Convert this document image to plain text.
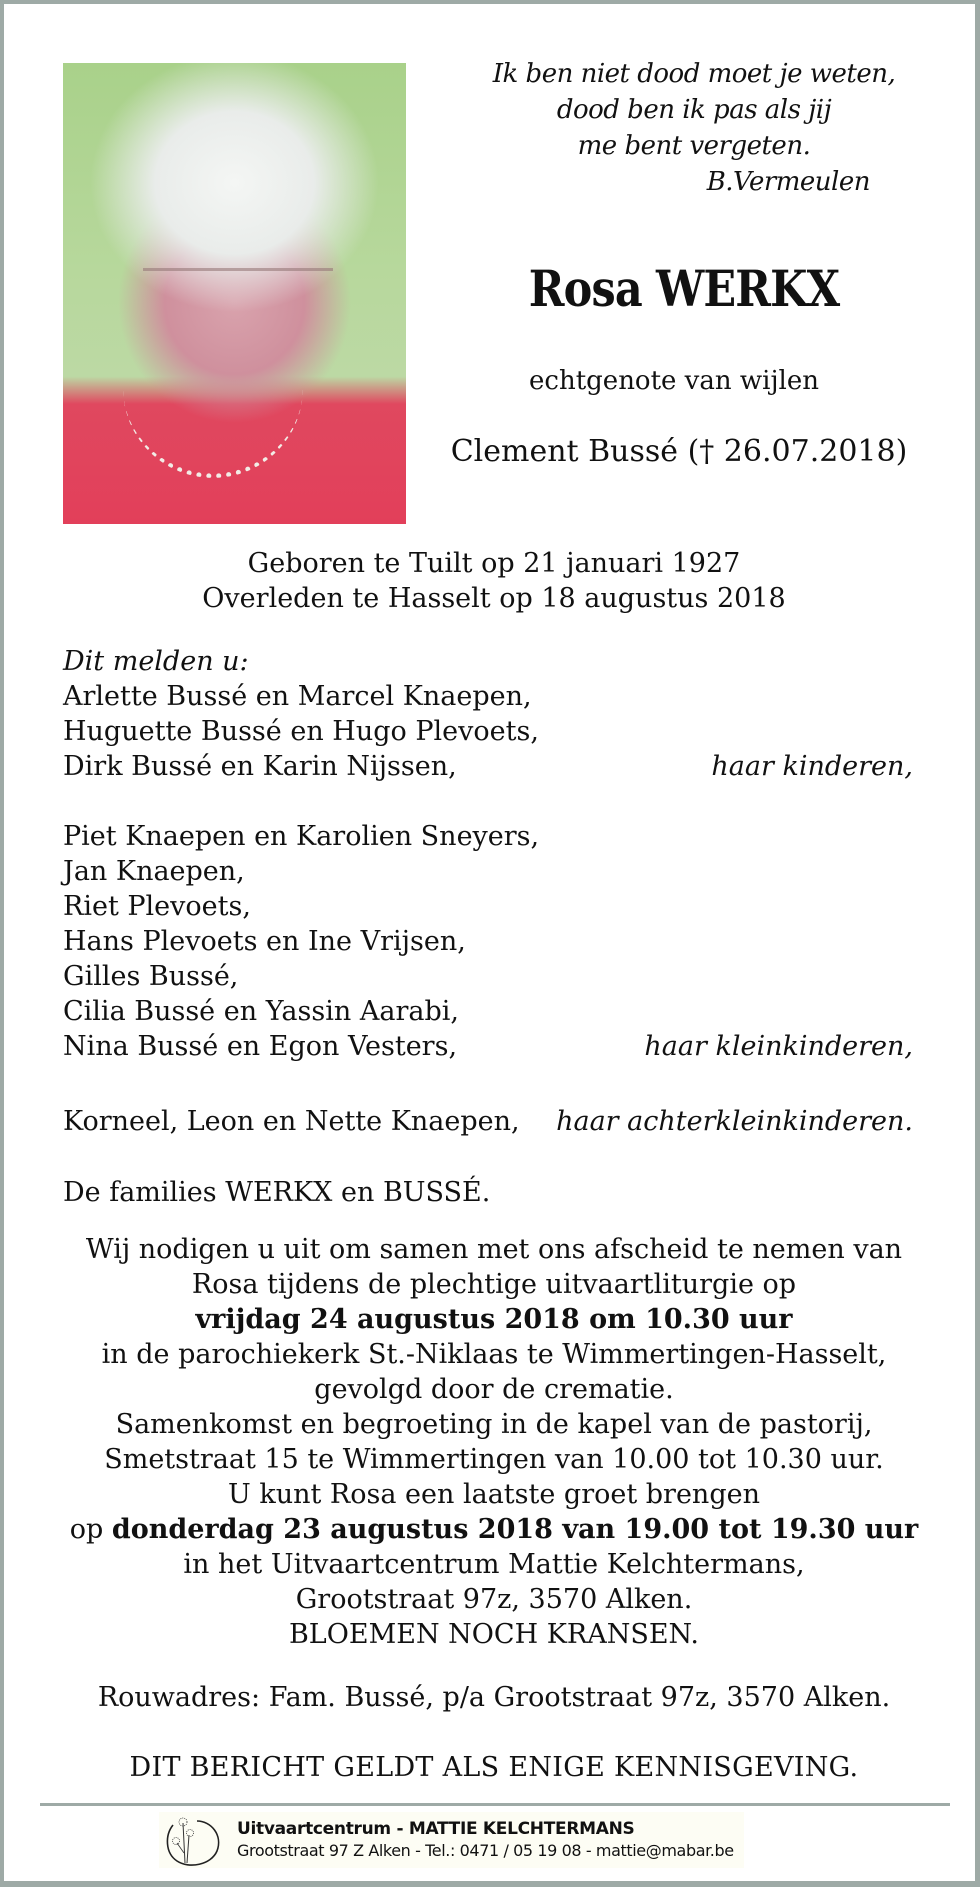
Ik ben niet dood moet je weten,
dood ben ik pas als jij
me bent vergeten.
B.Vermeulen
Rosa WERKX
echtgenote van wijlen
Clement Bussé († 26.07.2018)
Geboren te Tuilt op 21 januari 1927
Overleden te Hasselt op 18 augustus 2018
Dit melden u:
Arlette Bussé en Marcel Knaepen,
Huguette Bussé en Hugo Plevoets,
Dirk Bussé en Karin Nijssen,	haar kinderen,
Piet Knaepen en Karolien Sneyers,
Jan Knaepen,
Riet Plevoets,
Hans Plevoets en Ine Vrijsen,
Gilles Bussé,
Cilia Bussé en Yassin Aarabi,
Nina Bussé en Egon Vesters,	haar kleinkinderen,
Korneel, Leon en Nette Knaepen, haar achterkleinkinderen.
De families WERKX en BUSSÉ.
Wij nodigen u uit om samen met ons afscheid te nemen van
Rosa tijdens de plechtige uitvaartliturgie op
vrijdag 24 augustus 2018 om 10.30 uur
in de parochiekerk St.-Niklaas te Wimmertingen-Hasselt,
gevolgd door de crematie.
Samenkomst en begroeting in de kapel van de pastorij,
Smetstraat 15 te Wimmertingen van 10.00 tot 10.30 uur.
U kunt Rosa een laatste groet brengen
op donderdag 23 augustus 2018 van 19.00 tot 19.30 uur
in het Uitvaartcentrum Mattie Kelchtermans,
Grootstraat 97z, 3570 Alken.
BLOEMEN NOCH KRANSEN.
Rouwadres: Fam. Bussé, p/a Grootstraat 97z, 3570 Alken.
DIT BERICHT GELDT ALS ENIGE KENNISGEVING.
Uitvaartcentrum - MATTIE KELCHTERMANS
Grootstraat 97 Z Alken - Tel.: 0471 / 05 19 08 - mattie@mabar.be
